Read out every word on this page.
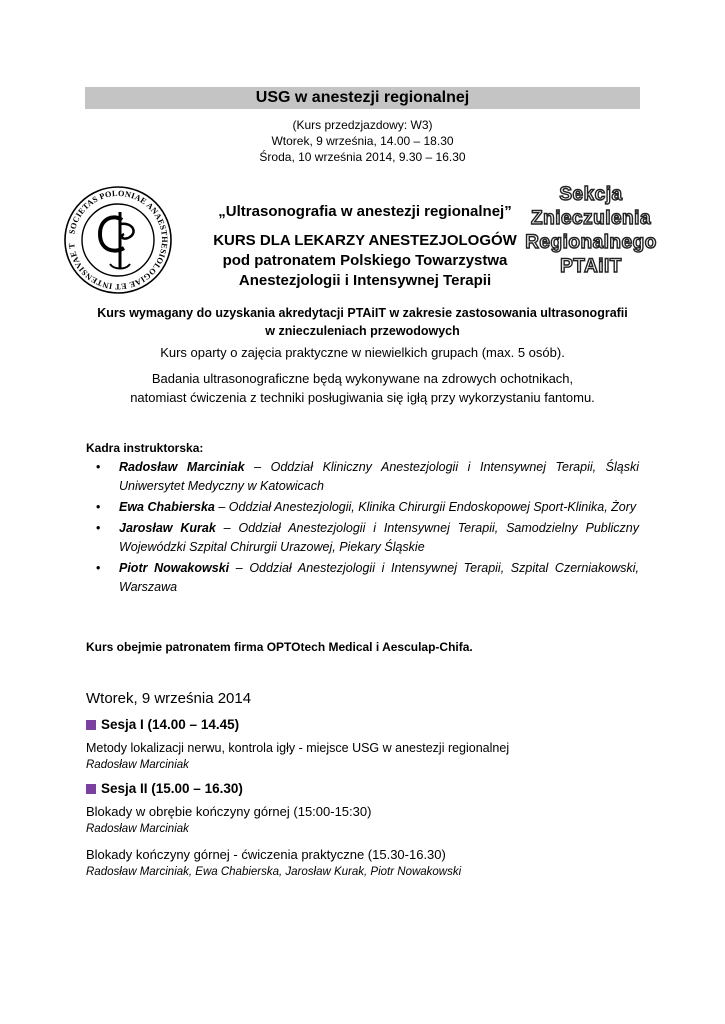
USG w anestezji regionalnej
(Kurs przedzjazdowy: W3)
Wtorek, 9 września, 14.00 – 18.30
Środa, 10 września 2014, 9.30 – 16.30
SOCIETAS POLONIAE ANAESTHESIOLOGIAE ET INTENSIVAE T
„Ultrasonografia w anestezji regionalnej”
KURS DLA LEKARZY ANESTEZJOLOGÓW
pod patronatem Polskiego Towarzystwa
Anestezjologii i Intensywnej Terapii
Sekcja
Znieczulenia
Regionalnego
PTAiIT
Kurs wymagany do uzyskania akredytacji PTAiIT w zakresie zastosowania ultrasonografii
w znieczuleniach przewodowych
Kurs oparty o zajęcia praktyczne w niewielkich grupach (max. 5 osób).
Badania ultrasonograficzne będą wykonywane na zdrowych ochotnikach,
natomiast ćwiczenia z techniki posługiwania się igłą przy wykorzystaniu fantomu.
Kadra instruktorska:
• Radosław Marciniak – Oddział Kliniczny Anestezjologii i Intensywnej Terapii, Śląski Uniwersytet Medyczny w Katowicach
• Ewa Chabierska – Oddział Anestezjologii, Klinika Chirurgii Endoskopowej Sport-Klinika, Żory
• Jarosław Kurak – Oddział Anestezjologii i Intensywnej Terapii, Samodzielny Publiczny Wojewódzki Szpital Chirurgii Urazowej, Piekary Śląskie
• Piotr Nowakowski – Oddział Anestezjologii i Intensywnej Terapii, Szpital Czerniakowski, Warszawa
Kurs obejmie patronatem firma OPTOtech Medical i Aesculap-Chifa.
Wtorek, 9 września 2014
Sesja I (14.00 – 14.45)
Metody lokalizacji nerwu, kontrola igły - miejsce USG w anestezji regionalnej
Radosław Marciniak
Sesja II (15.00 – 16.30)
Blokady w obrębie kończyny górnej (15:00-15:30)
Radosław Marciniak
Blokady kończyny górnej - ćwiczenia praktyczne (15.30-16.30)
Radosław Marciniak, Ewa Chabierska, Jarosław Kurak, Piotr Nowakowski
